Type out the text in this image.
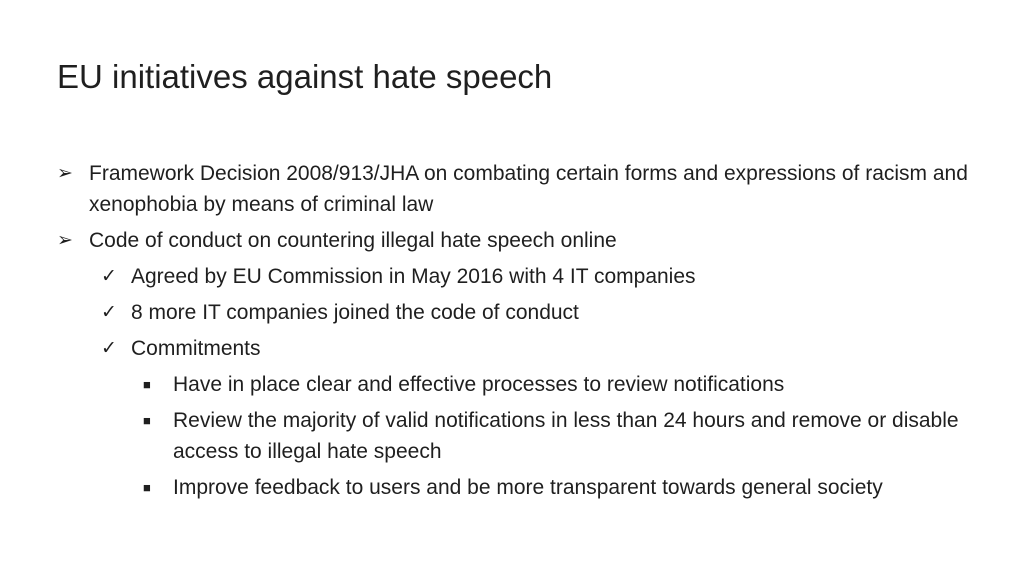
EU initiatives against hate speech
➢ Framework Decision 2008/913/JHA on combating certain forms and expressions of racism and xenophobia by means of criminal law
➢ Code of conduct on countering illegal hate speech online
✓ Agreed by EU Commission in May 2016 with 4 IT companies
✓ 8 more IT companies joined the code of conduct
✓ Commitments
■	Have in place clear and effective processes to review notifications
■	Review the majority of valid notifications in less than 24 hours and remove or disable access to illegal hate speech
■	Improve feedback to users and be more transparent towards general society
